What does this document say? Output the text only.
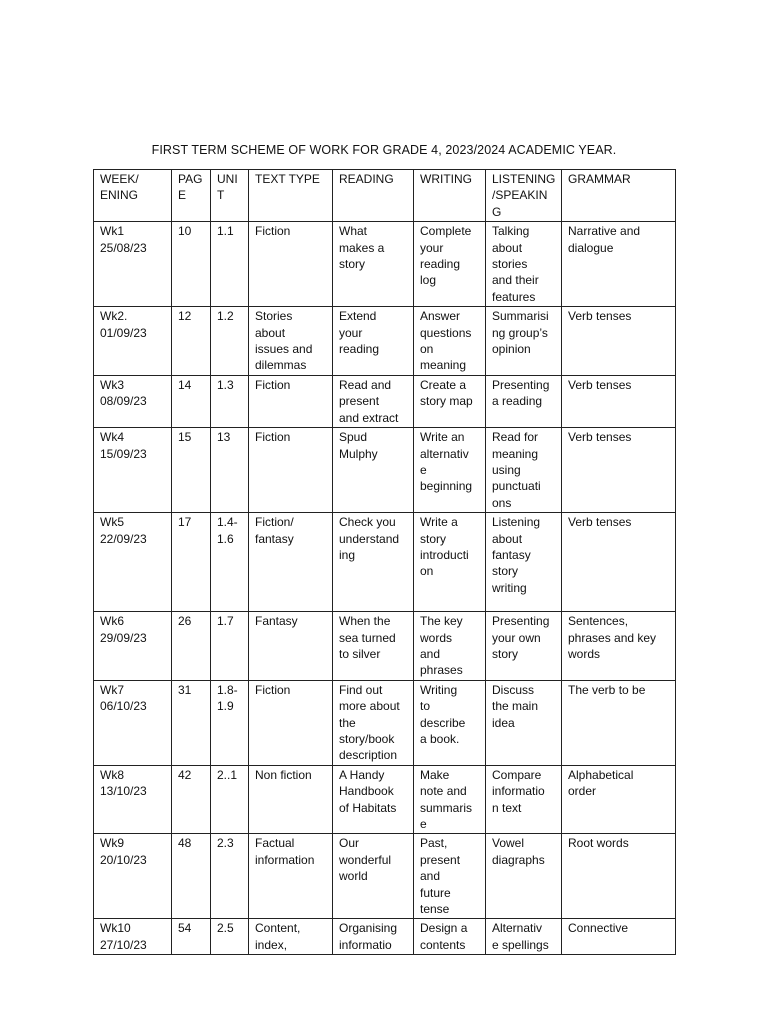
FIRST TERM SCHEME OF WORK FOR GRADE 4, 2023/2024 ACADEMIC YEAR.
WEEK/
ENING	PAG
E	UNI
T	TEXT TYPE	READING	WRITING	LISTENING
/SPEAKIN
G	GRAMMAR
Wk1
25/08/23	10	1.1	Fiction	What
makes a
story	Complete
your
reading
log	Talking
about
stories
and their
features	Narrative and
dialogue
Wk2.
01/09/23	12	1.2	Stories
about
issues and
dilemmas	Extend
your
reading	Answer
questions
on
meaning	Summarisi
ng group’s
opinion	Verb tenses
Wk3
08/09/23	14	1.3	Fiction	Read and
present
and extract	Create a
story map	Presenting
a reading	Verb tenses
Wk4
15/09/23	15	13	Fiction	Spud
Mulphy	Write an
alternativ
e
beginning	Read for
meaning
using
punctuati
ons	Verb tenses
Wk5
22/09/23	17	1.4-
1.6	Fiction/
fantasy	Check you
understand
ing	Write a
story
introducti
on	Listening
about
fantasy
story
writing	Verb tenses
Wk6
29/09/23	26	1.7	Fantasy	When the
sea turned
to silver	The key
words
and
phrases	Presenting
your own
story	Sentences,
phrases and key
words
Wk7
06/10/23	31	1.8-
1.9	Fiction	Find out
more about
the
story/book
description	Writing
to
describe
a book.	Discuss
the main
idea	The verb to be
Wk8
13/10/23	42	2..1	Non fiction	A Handy
Handbook
of Habitats	Make
note and
summaris
e	Compare
informatio
n text	Alphabetical
order
Wk9
20/10/23	48	2.3	Factual
information	Our
wonderful
world	Past,
present
and
future
tense	Vowel
diagraphs	Root words
Wk10
27/10/23	54	2.5	Content,
index,	Organising
informatio	Design a
contents	Alternativ
e spellings	Connective
